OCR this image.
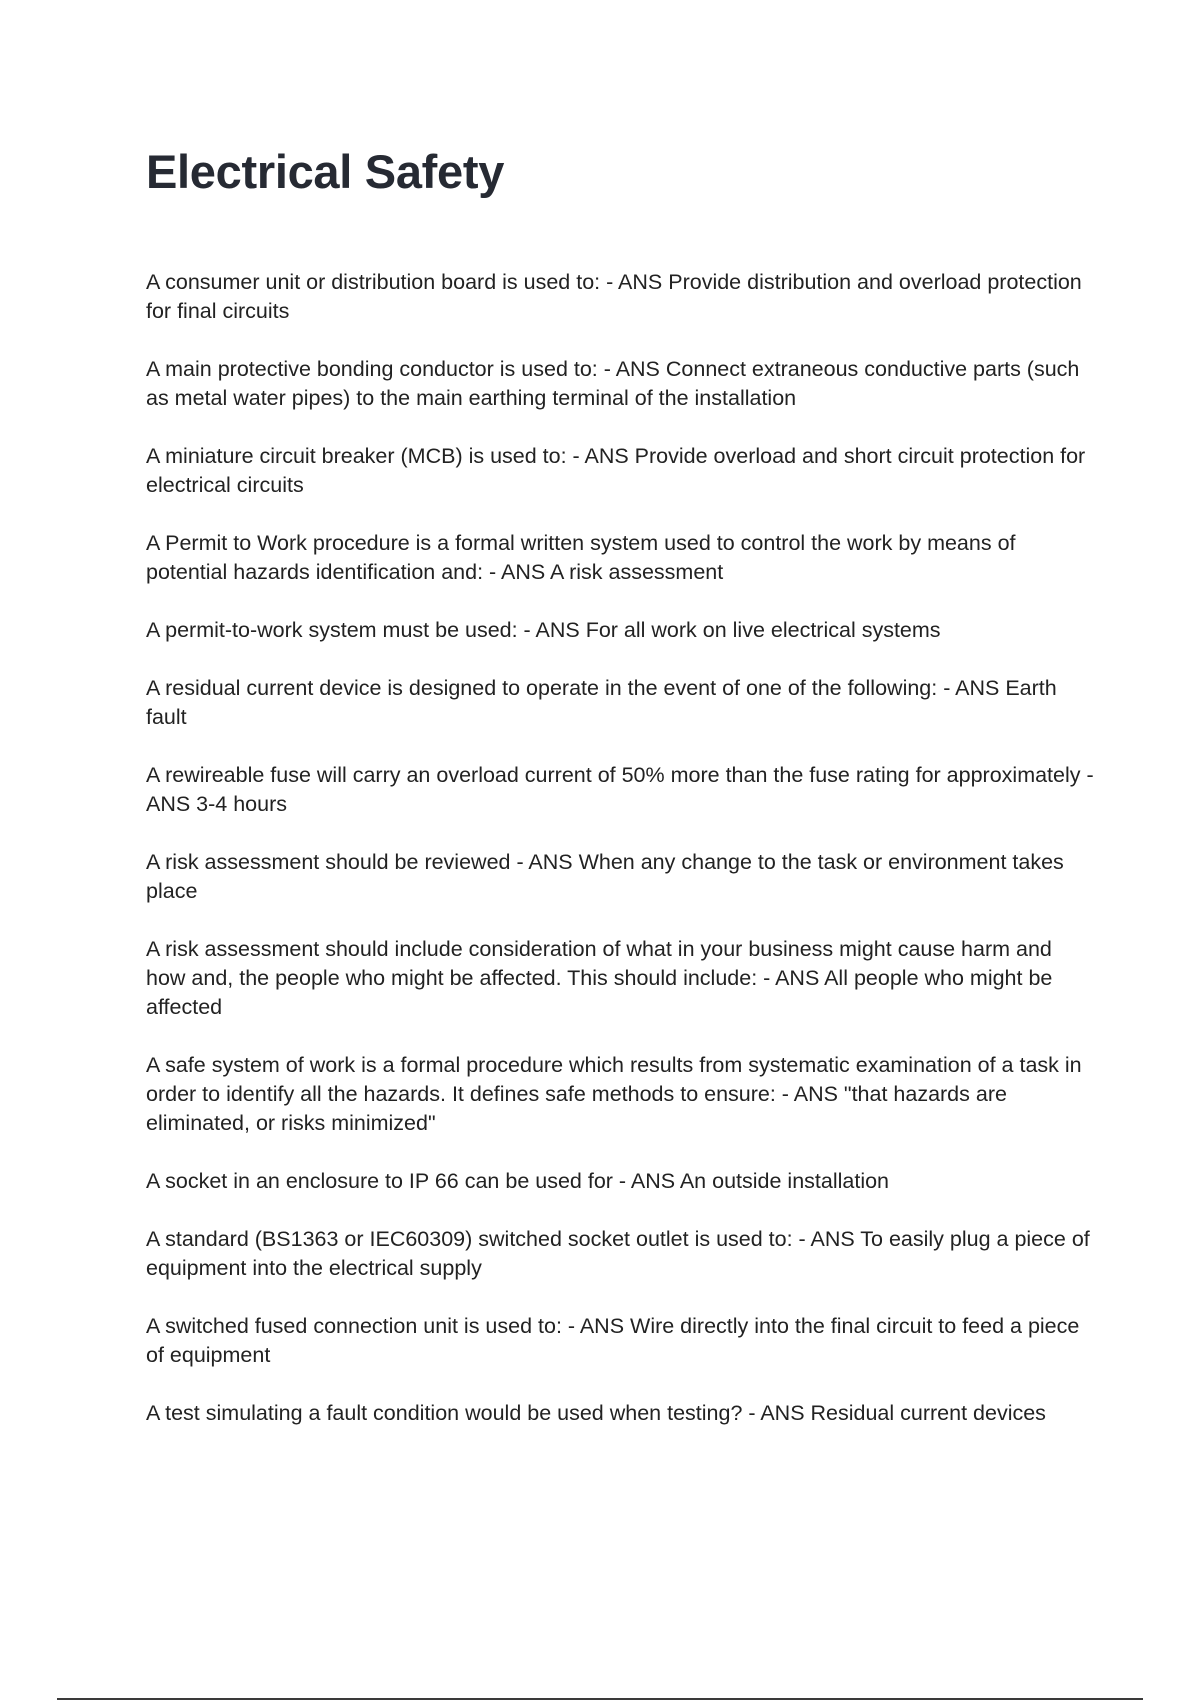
Electrical Safety

A consumer unit or distribution board is used to: - ANS Provide distribution and overload protection for final circuits

A main protective bonding conductor is used to: - ANS Connect extraneous conductive parts (such as metal water pipes) to the main earthing terminal of the installation

A miniature circuit breaker (MCB) is used to: - ANS Provide overload and short circuit protection for electrical circuits

A Permit to Work procedure is a formal written system used to control the work by means of potential hazards identification and: - ANS A risk assessment

A permit-to-work system must be used: - ANS For all work on live electrical systems

A residual current device is designed to operate in the event of one of the following: - ANS Earth fault

A rewireable fuse will carry an overload current of 50% more than the fuse rating for approximately - ANS 3-4 hours

A risk assessment should be reviewed - ANS When any change to the task or environment takes place

A risk assessment should include consideration of what in your business might cause harm and how and, the people who might be affected. This should include: - ANS All people who might be affected

A safe system of work is a formal procedure which results from systematic examination of a task in order to identify all the hazards. It defines safe methods to ensure: - ANS "that hazards are eliminated, or risks minimized"

A socket in an enclosure to IP 66 can be used for - ANS An outside installation

A standard (BS1363 or IEC60309) switched socket outlet is used to: - ANS To easily plug a piece of equipment into the electrical supply

A switched fused connection unit is used to: - ANS Wire directly into the final circuit to feed a piece of equipment

A test simulating a fault condition would be used when testing? - ANS Residual current devices
